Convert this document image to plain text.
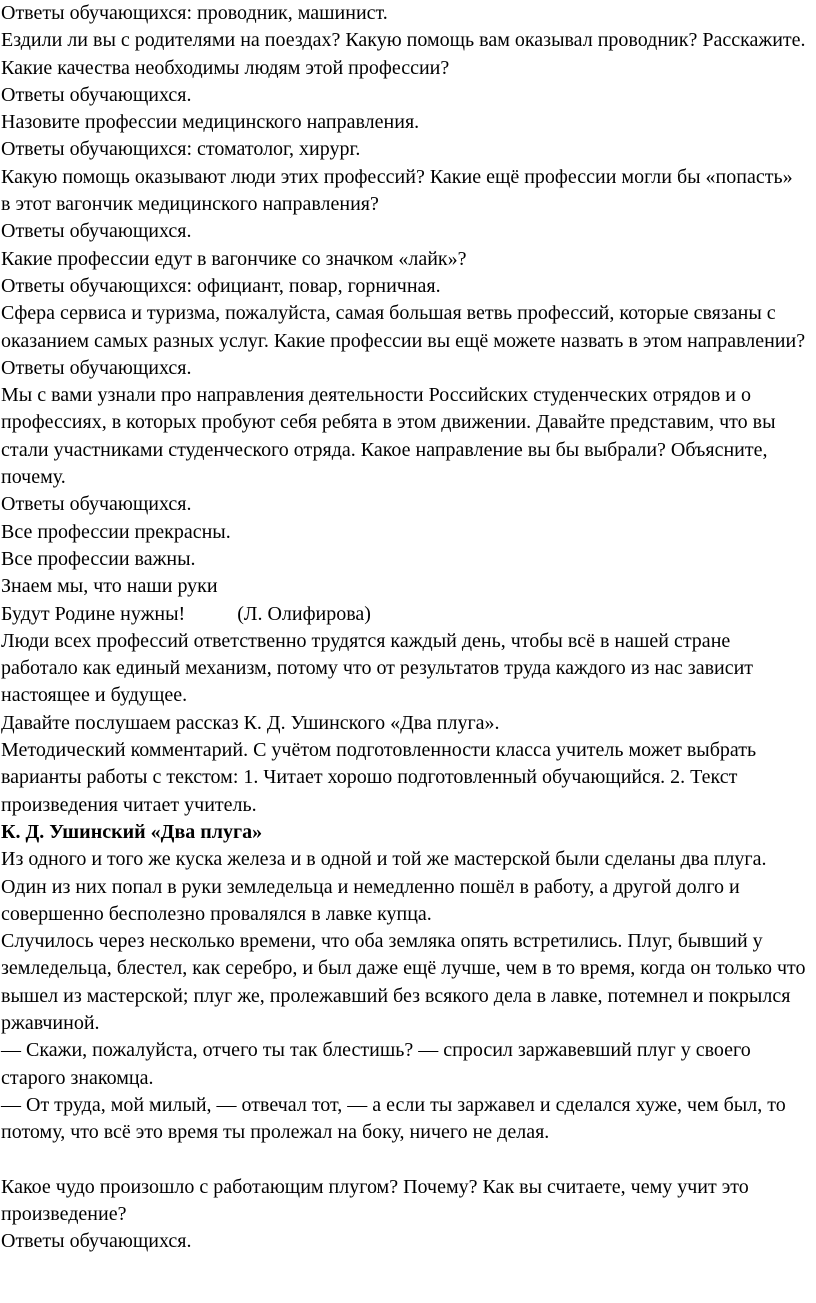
Ответы обучающихся: проводник, машинист.

Ездили ли вы с родителями на поездах? Какую помощь вам оказывал проводник? Расскажите. Какие качества необходимы людям этой профессии?

Ответы обучающихся.

Назовите профессии медицинского направления.

Ответы обучающихся: стоматолог, хирург.

Какую помощь оказывают люди этих профессий? Какие ещё профессии могли бы «попасть» в этот вагончик медицинского направления?

Ответы обучающихся.

Какие профессии едут в вагончике со значком «лайк»?

Ответы обучающихся: официант, повар, горничная.

Сфера сервиса и туризма, пожалуйста, самая большая ветвь профессий, которые связаны с оказанием самых разных услуг. Какие профессии вы ещё можете назвать в этом направлении?

Ответы обучающихся.

Мы с вами узнали про направления деятельности Российских студенческих отрядов и о профессиях, в которых пробуют себя ребята в этом движении. Давайте представим, что вы стали участниками студенческого отряда. Какое направление вы бы выбрали? Объясните, почему.

Ответы обучающихся.

Все профессии прекрасны.

Все профессии важны.

Знаем мы, что наши руки

Будут Родине нужны!	(Л. Олифирова)

Люди всех профессий ответственно трудятся каждый день, чтобы всё в нашей стране работало как единый механизм, потому что от результатов труда каждого из нас зависит настоящее и будущее.

Давайте послушаем рассказ К. Д. Ушинского «Два плуга».

Методический комментарий. С учётом подготовленности класса учитель может выбрать варианты работы с текстом: 1. Читает хорошо подготовленный обучающийся. 2. Текст произведения читает учитель.

К. Д. Ушинский «Два плуга»

Из одного и того же куска железа и в одной и той же мастерской были сделаны два плуга. Один из них попал в руки земледельца и немедленно пошёл в работу, а другой долго и совершенно бесполезно провалялся в лавке купца.

Случилось через несколько времени, что оба земляка опять встретились. Плуг, бывший у земледельца, блестел, как серебро, и был даже ещё лучше, чем в то время, когда он только что вышел из мастерской; плуг же, пролежавший без всякого дела в лавке, потемнел и покрылся ржавчиной.

— Скажи, пожалуйста, отчего ты так блестишь? — спросил заржавевший плуг у своего старого знакомца.

— От труда, мой милый, — отвечал тот, — а если ты заржавел и сделался хуже, чем был, то потому, что всё это время ты пролежал на боку, ничего не делая.

Какое чудо произошло с работающим плугом? Почему? Как вы считаете, чему учит это произведение?

Ответы обучающихся.
